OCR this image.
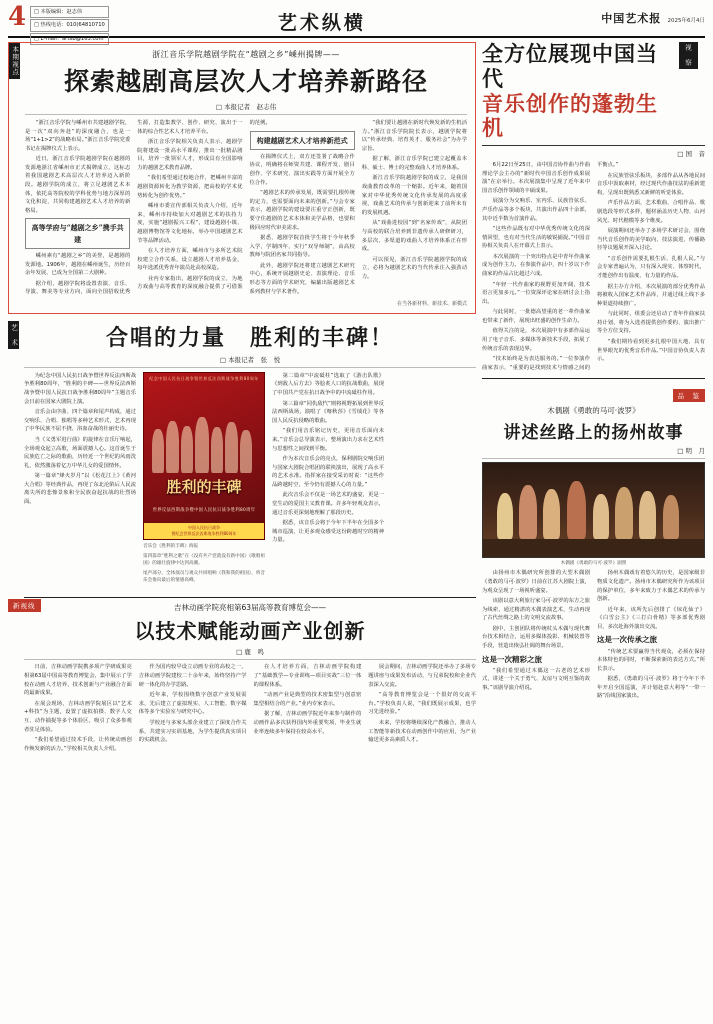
4	□ 本版编辑：赵志伟
□ 热线电话：010(64810710
□ E-mail：artxb@163.com
艺术纵横	中国艺术报 2025年6月4日
本期视点	浙江音乐学院越剧学院在“越剧之乡”嵊州揭牌——
探索越剧高层次人才培养新路径
□ 本报记者　赵志伟

“浙江音乐学院与嵊州市共建越剧学院，是一次“双向奔赴”的深度融合，也是一场“1+1>2”的战略布局。”浙江音乐学院党委书记在揭牌仪式上表示。

近日，浙江音乐学院越剧学院在越剧的发源地浙江省嵊州市正式揭牌成立，这标志着我国越剧艺术高层次人才培养迈入新阶段。越剧学院的成立，将立足越剧艺术本体，依托高等院校的学科优势与地方深厚的文化积淀，共同构建越剧艺术人才培养的新格局。

高等学府与“越剧之乡”携手共建

嵊州素有“越剧之乡”的美誉，是越剧的发源地。1906年，越剧在嵊州诞生，历经百余年发展，已成为全国第二大剧种。

据介绍，越剧学院将设置表演、音乐、导演、舞美等专业方向，面向全国招收优秀生源，打造集教学、创作、研究、演出于一体的综合性艺术人才培养平台。

浙江音乐学院相关负责人表示，越剧学院将建设一批高水平课程，推出一批精品剧目，培养一批领军人才，形成具有全国影响力的越剧艺术教育品牌。

“我们希望通过校地合作，把嵊州丰富的越剧资源转化为教学资源，把高校的学术优势转化为创作优势。”

嵊州市委宣传部相关负责人介绍，近年来，嵊州市持续加大对越剧艺术的扶持力度，实施“越剧振兴工程”，建设越剧小镇、越剧博物馆等文化地标，举办中国越剧艺术节等品牌活动。

在人才培养方面，嵊州市与多所艺术院校建立合作关系，设立越剧人才培养基金，每年选派优秀青年演员赴高校深造。

业内专家指出，越剧学院的成立，为地方戏曲与高等教育的深度融合提供了可借鉴的范例。

构建越剧艺术人才培养新范式

在揭牌仪式上，双方还签署了战略合作协议，明确将在师资共建、课程开发、剧目创作、学术研究、演出实践等方面开展全方位合作。

“越剧艺术的传承发展，既需要扎根传统的定力，也需要面向未来的创新。”与会专家表示，越剧学院的建设要注重守正创新，既要守住越剧的艺术本体和美学品格，也要积极回应时代审美需求。

据悉，越剧学院首批学生将于今年秋季入学，学制四年，实行“双导师制”，由高校教师与院团名家共同指导。

此外，越剧学院还将建立越剧艺术研究中心，系统开展越剧史论、表演理论、音乐形态等方面的学术研究，编纂出版越剧艺术系列教材与学术著作。

“我们要让越剧在新时代焕发新的生机活力。”浙江音乐学院院长表示，越剧学院将以“传承经典、培育英才、服务社会”为办学宗旨。

据了解，浙江音乐学院已建立起覆盖本科、硕士、博士的完整戏曲人才培养体系。

浙江音乐学院越剧学院的成立，是我国戏曲教育改革的一个缩影。近年来，随着国家对中华优秀传统文化传承发展的高度重视，戏曲艺术的传承与创新迎来了前所未有的发展机遇。

从“戏曲进校园”到“名家传戏”，从院团与高校的联合培养到非遗传承人研修研习，多层次、多渠道的戏曲人才培养体系正在形成。

可以预见，浙江音乐学院越剧学院的成立，必将为越剧艺术的当代传承注入强劲动力。

在当各新材料、新技术、新模式
艺　术	合唱的力量　胜利的丰碑！
□ 本报记者　张　悦

为纪念中国人民抗日战争暨世界反法西斯战争胜利80周年，“胜利的丰碑——世界反法西斯战争暨中国人民抗日战争胜利80周年”主题音乐会日前在国家大剧院上演。

音乐会由序曲、四个篇章和尾声构成，通过交响乐、合唱、独唱等多种艺术形式，艺术再现了中华民族不屈不挠、浴血奋战的壮丽史诗。

当《义勇军进行曲》的旋律在音乐厅响起，全场观众起立高歌，场面震撼人心。这首诞生于民族危亡之际的歌曲，历经近一个世纪的风雨洗礼，依然激荡着亿万中华儿女的爱国情怀。

第一篇章“烽火岁月”以《松花江上》《黄河大合唱》等经典作品，再现了东北沦陷后人民流离失所的悲惨景象和全民族奋起抗战的壮烈场面。

纪念中国人民抗日战争暨世界反法西斯战争胜利80周年
胜利的丰碑
世界反法西斯战争暨中国人民抗日战争胜利80周年
中国人民抗日战争
暨纪念世界反法西斯战争胜利80周年
音乐会《胜利的丰碑》海报
第四篇章“胜利之歌”在《没有共产党就没有新中国》《歌唱祖国》的雄壮旋律中达到高潮。
尾声部分，全体演员与观众共同唱响《我和我的祖国》，将音乐会推向最后的情感高峰。

第二篇章“中流砥柱”选取了《游击队歌》《到敌人后方去》等脍炙人口的抗战歌曲，展现了中国共产党在抗日战争中的中流砥柱作用。

第三篇章“同仇敌忾”则将视野拓展到世界反法西斯战场，演唱了《喀秋莎》《雪绒花》等各国人民反抗侵略的歌曲。

“我们用音乐铭记历史，更用音乐面向未来。”音乐会总导演表示，整场演出力求在艺术性与思想性之间找到平衡。

作为本次音乐会的亮点，保利剧院交响乐团与国家大剧院合唱团的联袂演出，展现了高水平的艺术水准。指挥家在接受采访时说：“这些作品跨越时空，至今仍有震撼人心的力量。”

此次音乐会不仅是一场艺术的盛宴，更是一堂生动的爱国主义教育课。许多年轻观众表示，通过音乐更深刻地理解了那段历史。

据悉，该音乐会将于今年下半年在全国多个城市巡演，让更多观众感受这份跨越时空的精神力量。

新视线	吉林动画学院亮相第63届高等教育博览会——
以技术赋能动画产业创新
□ 鹿　鸣

日前，吉林动画学院携多项产学研成果亮相第63届中国高等教育博览会，集中展示了学校在动画人才培养、技术创新与产业融合方面的最新成果。

在展会现场，吉林动画学院展区以“艺术+科技”为主题，设置了虚拟拍摄、数字人交互、动作捕捉等多个体验区，吸引了众多参观者驻足体验。

“我们希望通过技术手段，让传统动画创作焕发新的活力。”学校相关负责人介绍。

作为国内较早设立动画专业的高校之一，吉林动画学院建校二十余年来，始终坚持产学研一体化的办学思路。

近年来，学校围绕数字创意产业发展需求，先后建立了虚拟现实、人工智能、数字媒体等多个实验室与研究中心。

学校还与多家头部企业建立了深度合作关系，共建实习实训基地，为学生提供真实项目的实践机会。

在人才培养方面，吉林动画学院构建了“基础教学—专业训练—项目实战”三位一体的课程体系。

“动画产业是典型的技术密集型与创意密集型相结合的产业。”业内专家表示。

据了解，吉林动画学院近年来参与制作的动画作品多次获得国内外重要奖项，毕业生就业率连续多年保持在较高水平。

展会期间，吉林动画学院还举办了多场专题讲座与成果发布活动，与兄弟院校和企业代表深入交流。

“高等教育博览会是一个很好的交流平台。”学校负责人说，“我们既展示成果，也学习先进经验。”

未来，学校将继续深化产教融合，推动人工智能等新技术在动画创作中的应用，为产业输送更多高素质人才。

全方位展现中国当代
音乐创作的蓬勃生机
视　察
□ 国　音

6月22日至25日，由中国音协作曲与作曲理论学会主办的“新时代中国音乐创作成果展演”在京举行。本次展演集中呈现了近年来中国音乐创作领域的丰硕成果。

展演分为交响乐、室内乐、民族管弦乐、声乐作品等多个板块，共演出作品四十余部，其中近半数为首演作品。

“这些作品既有对中华优秀传统文化的深情回望，也有对当代生活的敏锐捕捉。”中国音协相关负责人在开幕式上表示。

本次展演的一个突出特点是中青年作曲家成为创作主力。在参演作品中，四十岁以下作曲家的作品占比超过六成。

“年轻一代作曲家的视野更加开阔，技术语言更加多元。”一位资深评论家在研讨会上指出。

与此同时，一批德高望重的老一辈作曲家也带来了新作，展现出旺盛的创作生命力。

值得关注的是，本次展演中有多部作品运用了电子音乐、多媒体等新技术手段，拓展了传统音乐的表现边界。

“技术始终是为表达服务的。”一位参演作曲家表示，“重要的是找到技术与情感之间的平衡点。”

在民族管弦乐板块，多部作品从各地民间音乐中汲取素材，经过现代作曲技法的重新建构，呈现出既熟悉又新鲜的听觉体验。

声乐作品方面，艺术歌曲、合唱作品、歌剧选段等形式多样，题材涵盖历史人物、山河风光、时代楷模等多个维度。

展演期间还举办了多场学术研讨会，围绕当代音乐创作的美学取向、技法演进、传播路径等议题展开深入讨论。

“音乐创作需要扎根生活、扎根人民。”与会专家普遍认为，只有深入现实、体察时代，才能创作出有温度、有力量的作品。

据主办方介绍，本次展演的部分优秀作品将被收入国家艺术作品库，并通过线上线下多种渠道持续推广。

与此同时，组委会还启动了青年作曲家扶持计划，将为入选者提供创作委约、演出推广等全方位支持。

“我们期待看到更多扎根中国大地、具有世界眼光的优秀音乐作品。”中国音协负责人表示。

品　鉴
木偶剧《勇敢的马可·波罗》
讲述丝路上的扬州故事
□ 明　月
木偶剧《勇敢的马可·波罗》剧照

由扬州市木偶研究所创排的大型木偶剧《勇敢的马可·波罗》日前在江苏大剧院上演，为观众呈现了一场视听盛宴。

该剧以意大利旅行家马可·波罗的东方之旅为线索，通过精湛的木偶表演艺术，生动再现了古代丝绸之路上的文明交流故事。

剧中，主创团队将传统杖头木偶与现代舞台技术相结合，运用多媒体投影、机械装置等手段，营造出恢弘壮阔的舞台场景。

这是一次精彩之旅

“我们希望通过木偶这一古老的艺术形式，讲述一个关于勇气、友谊与文明互鉴的故事。”该剧导演介绍说。

扬州木偶戏有着悠久的历史，是国家级非物质文化遗产。扬州市木偶研究所作为该项目的保护单位，多年来致力于木偶艺术的传承与创新。

近年来，该所先后创排了《琼花仙子》《白雪公主》《三打白骨精》等多部优秀剧目，多次赴海外演出交流。

这是一次传承之旅

“传统艺术要赢得当代观众，必须在保持本体特色的同时，不断探索新的表达方式。”所长表示。

据悉，《勇敢的马可·波罗》将于今年下半年开启全国巡演，并计划赴意大利等“一带一路”沿线国家演出。
